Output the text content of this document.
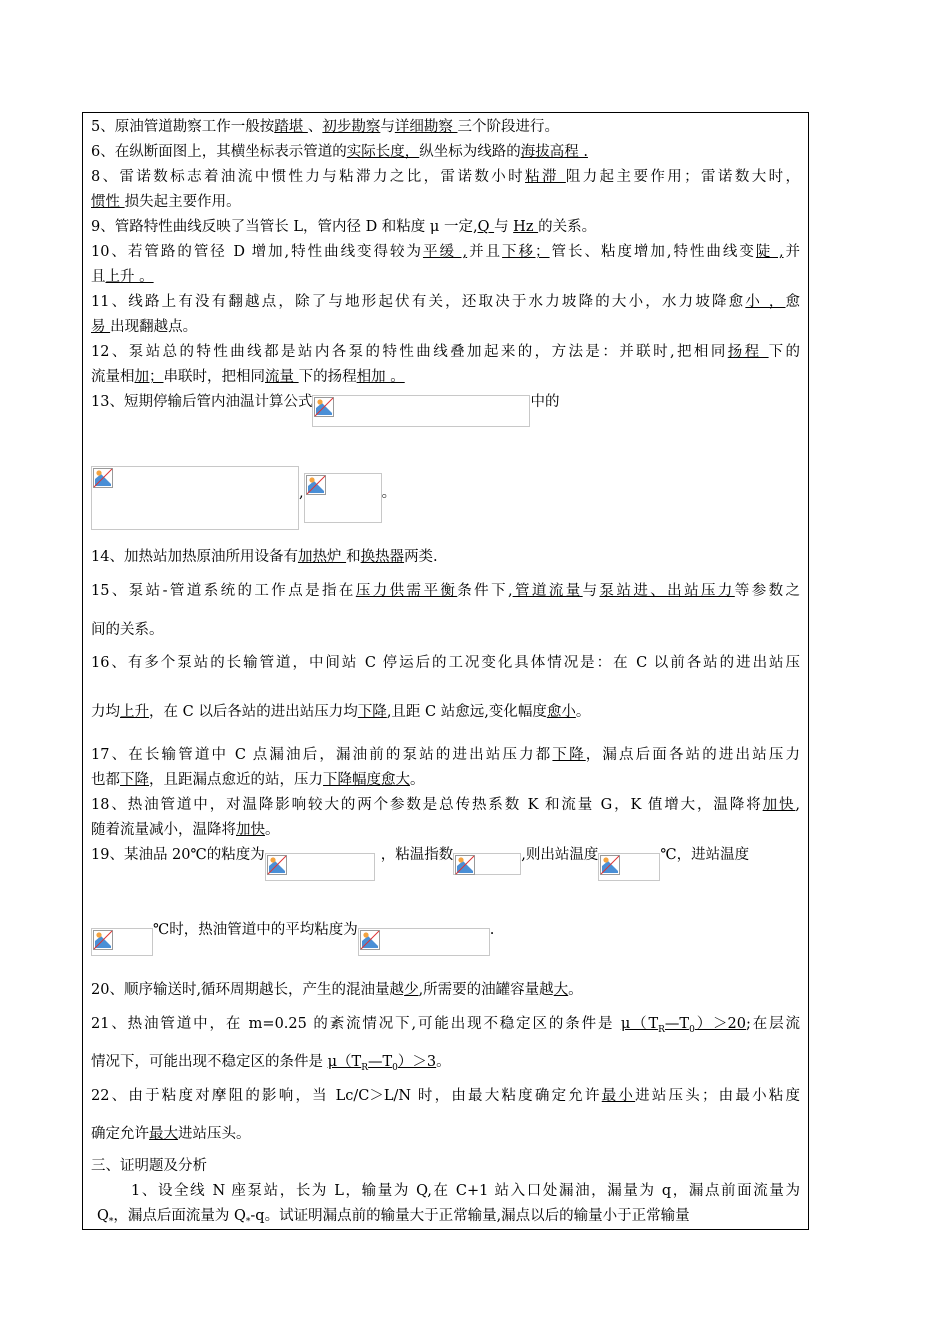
5、原油管道勘察工作一般按踏堪 、初步勘察与详细勘察 三个阶段进行。
6、在纵断面图上，其横坐标表示管道的实际长度，纵坐标为线路的海拔高程 .
8、雷诺数标志着油流中惯性力与粘滞力之比，雷诺数小时粘滞 阻力起主要作用；雷诺数大时，
惯性 损失起主要作用。
9、管路特性曲线反映了当管长 L，管内径 D 和粘度 μ 一定,Q 与 Hz 的关系。
10、若管路的管径 D 增加,特性曲线变得较为平缓 ,并且下移；管长、粘度增加,特性曲线变陡 ,并
且上升 。
11、线路上有没有翻越点，除了与地形起伏有关，还取决于水力坡降的大小，水力坡降愈小 ，愈
易 出现翻越点。
12、泵站总的特性曲线都是站内各泵的特性曲线叠加起来的，方法是：并联时,把相同扬程 下的
流量相加；串联时，把相同流量 下的扬程相加 。
13、短期停输后管内油温计算公式	中的
,	。
14、加热站加热原油所用设备有加热炉 和换热器两类.
15、泵站-管道系统的工作点是指在压力供需平衡条件下,管道流量与泵站进、出站压力等参数之
间的关系。
16、有多个泵站的长输管道，中间站 C 停运后的工况变化具体情况是：在 C 以前各站的进出站压
力均上升，在 C 以后各站的进出站压力均下降,且距 C 站愈远,变化幅度愈小。
17、在长输管道中 C 点漏油后，漏油前的泵站的进出站压力都下降，漏点后面各站的进出站压力
也都下降，且距漏点愈近的站，压力下降幅度愈大。
18、热油管道中，对温降影响较大的两个参数是总传热系数 K 和流量 G，K 值增大，温降将加快,
随着流量减小，温降将加快。
19、某油品 20℃的粘度为	，粘温指数	,则出站温度	℃，进站温度
℃时，热油管道中的平均粘度为	.
20、顺序输送时,循环周期越长，产生的混油量越少,所需要的油罐容量越大。
21、热油管道中，在 m=0.25 的紊流情况下,可能出现不稳定区的条件是 $\mu(T_R—T_0)>20$;在层流
情况下，可能出现不稳定区的条件是 $\mu(T_R—T_0)>3$。
22、由于粘度对摩阻的影响，当 Lc/C＞L/N 时，由最大粘度确定允许最小进站压头；由最小粘度
确定允许最大进站压头。
三、证明题及分析
1、设全线 N 座泵站，长为 L，输量为 Q,在 C+1 站入口处漏油，漏量为 q，漏点前面流量为
$Q_*$，漏点后面流量为 $Q_*-q$。试证明漏点前的输量大于正常输量,漏点以后的输量小于正常输量
